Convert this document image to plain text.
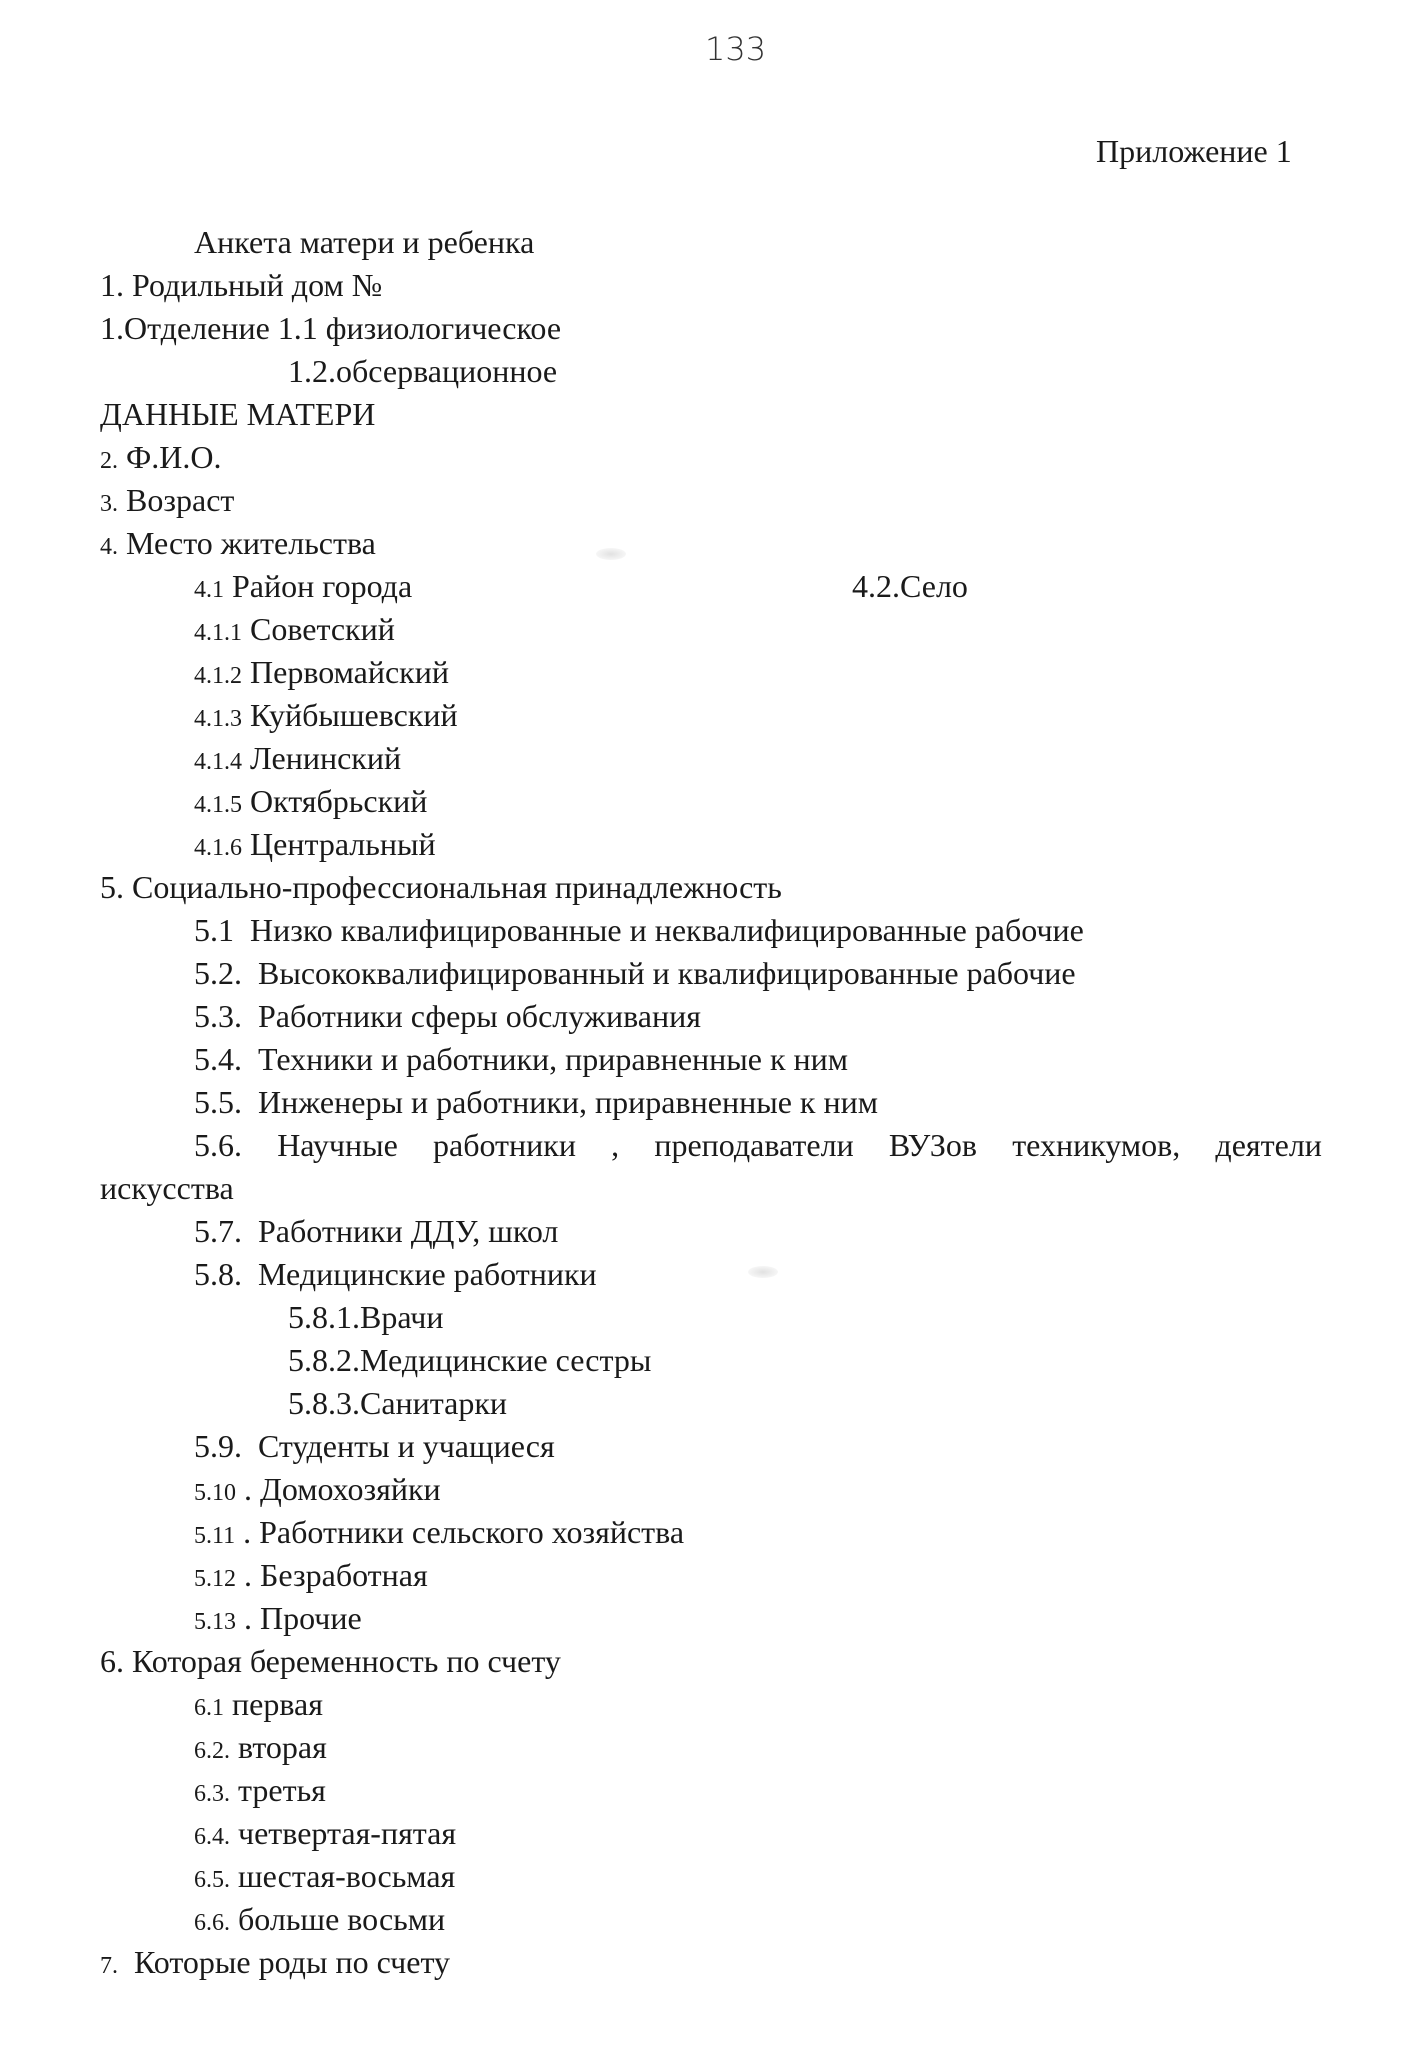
133
Приложение 1
Анкета матери и ребенка
1. Родильный дом №
1.Отделение 1.1 физиологическое
1.2.обсервационное
ДАННЫЕ МАТЕРИ
2. Ф.И.О.
3. Возраст
4. Место жительства
4.1 Район города	4.2.Село
4.1.1 Советский
4.1.2 Первомайский
4.1.3 Куйбышевский
4.1.4 Ленинский
4.1.5 Октябрьский
4.1.6 Центральный
5. Социально-профессиональная принадлежность
5.1  Низко квалифицированные и неквалифицированные рабочие
5.2.  Высококвалифицированный и квалифицированные рабочие
5.3.  Работники сферы обслуживания
5.4.  Техники и работники, приравненные к ним
5.5.  Инженеры и работники, приравненные к ним
5.6. Научные работники , преподаватели ВУЗов техникумов, деятели
искусства
5.7.  Работники ДДУ, школ
5.8.  Медицинские работники
5.8.1.Врачи
5.8.2.Медицинские сестры
5.8.3.Санитарки
5.9.  Студенты и учащиеся
5.10 . Домохозяйки
5.11 . Работники сельского хозяйства
5.12 . Безработная
5.13 . Прочие
6. Которая беременность по счету
6.1 первая
6.2. вторая
6.3. третья
6.4. четвертая-пятая
6.5. шестая-восьмая
6.6. больше восьми
7. Которые роды по счету
